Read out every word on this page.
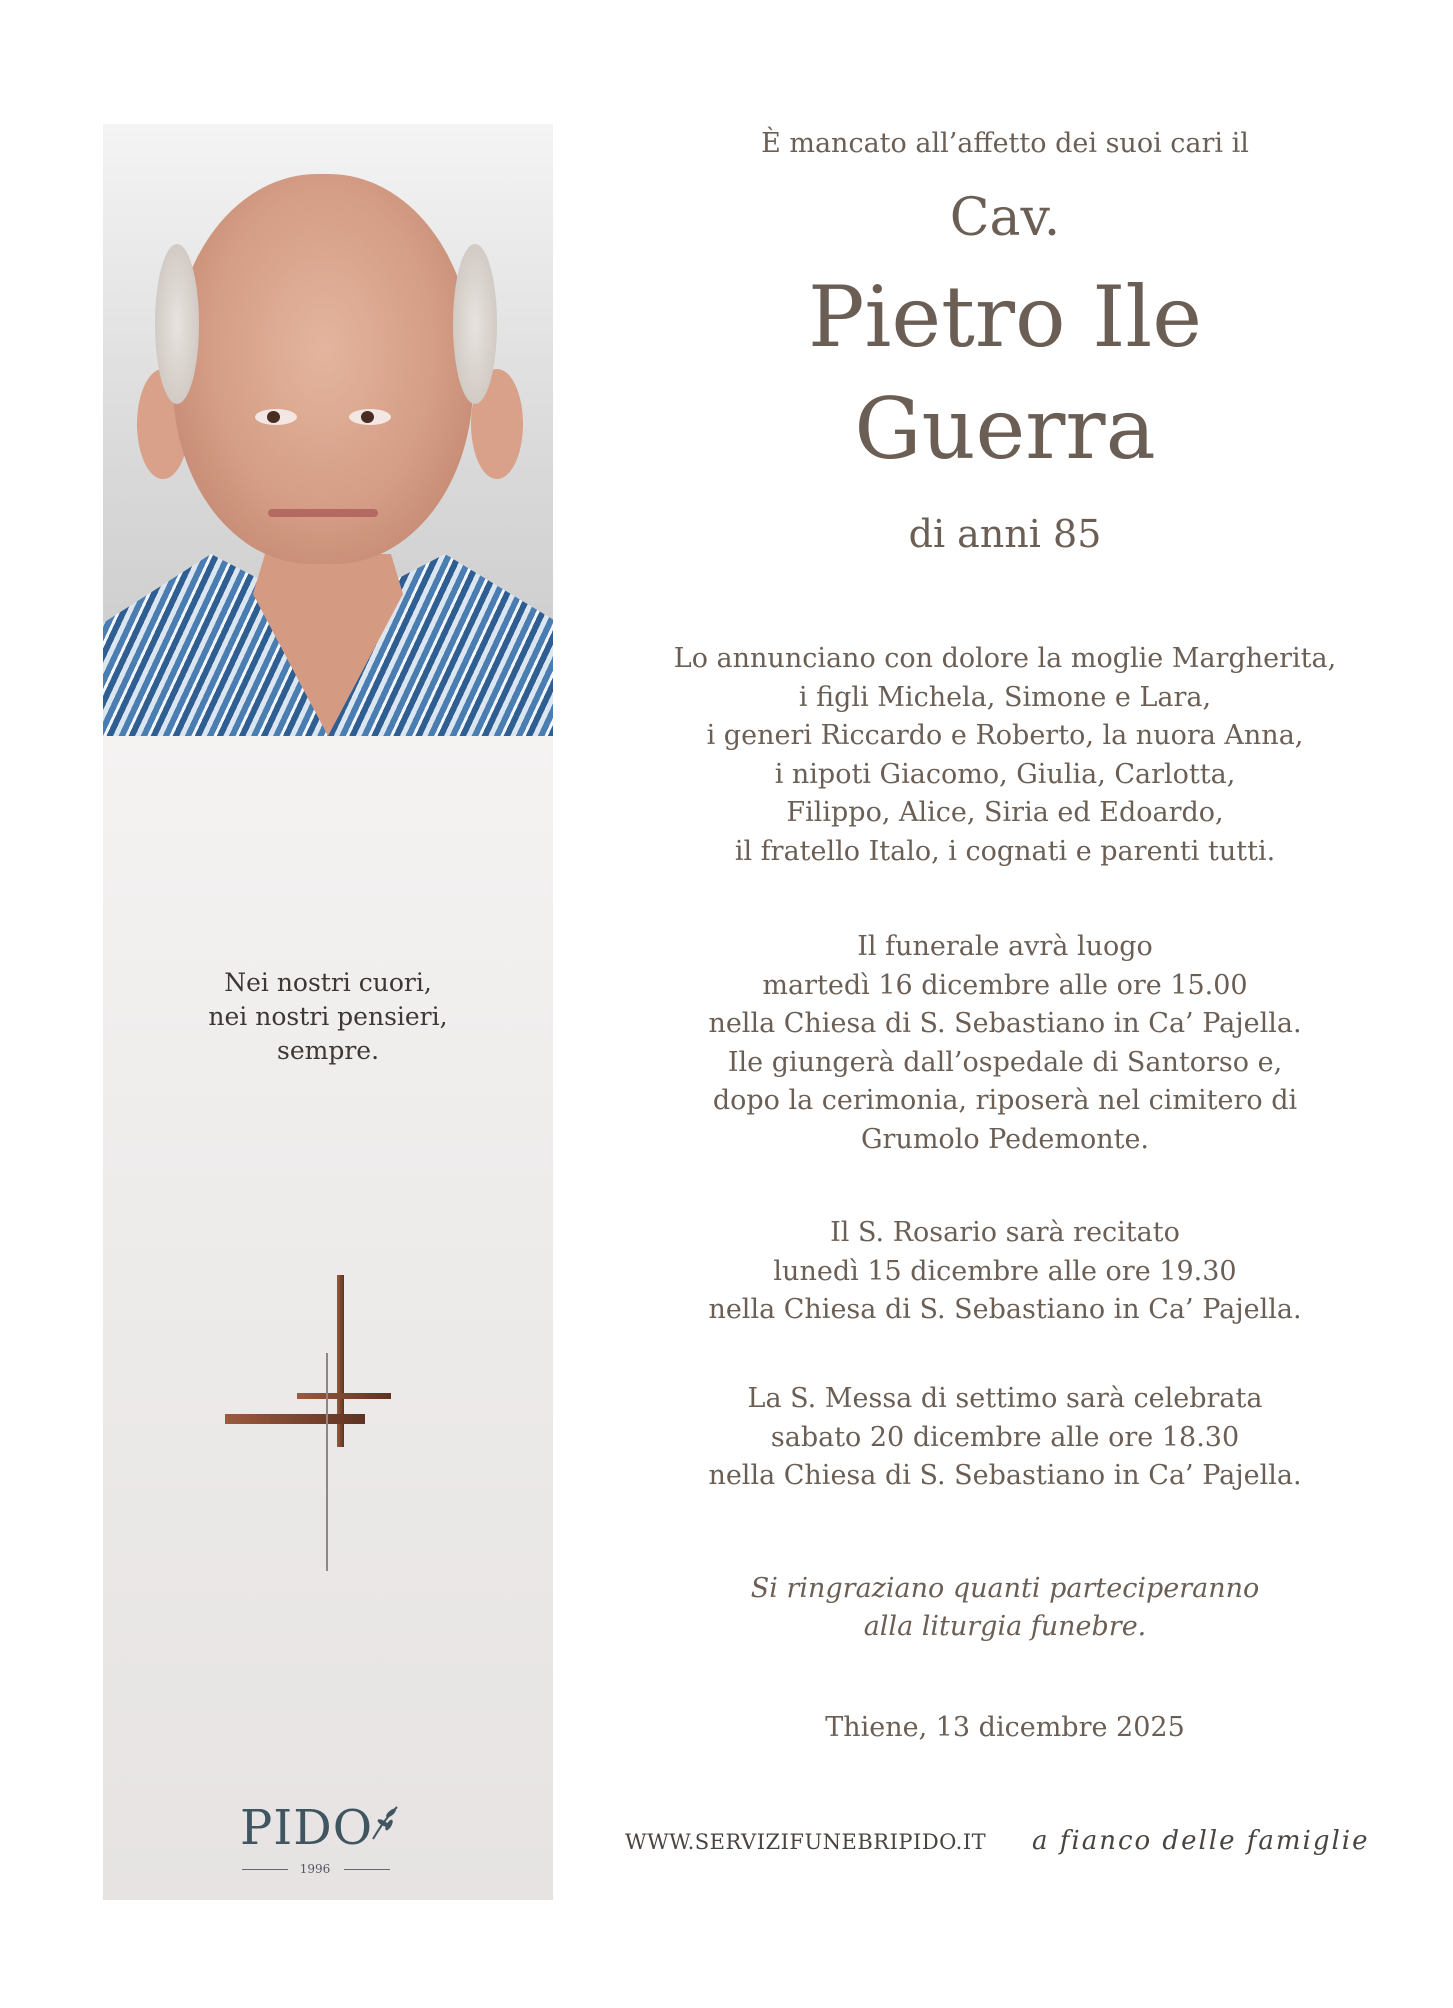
Nei nostri cuori,
nei nostri pensieri,
sempre.
PIDO
1996
È mancato all’affetto dei suoi cari il
Cav.
Pietro Ile
Guerra
di anni 85
Lo annunciano con dolore la moglie Margherita,
i figli Michela, Simone e Lara,
i generi Riccardo e Roberto, la nuora Anna,
i nipoti Giacomo, Giulia, Carlotta,
Filippo, Alice, Siria ed Edoardo,
il fratello Italo, i cognati e parenti tutti.
Il funerale avrà luogo
martedì 16 dicembre alle ore 15.00
nella Chiesa di S. Sebastiano in Ca’ Pajella.
Ile giungerà dall’ospedale di Santorso e,
dopo la cerimonia, riposerà nel cimitero di
Grumolo Pedemonte.
Il S. Rosario sarà recitato
lunedì 15 dicembre alle ore 19.30
nella Chiesa di S. Sebastiano in Ca’ Pajella.
La S. Messa di settimo sarà celebrata
sabato 20 dicembre alle ore 18.30
nella Chiesa di S. Sebastiano in Ca’ Pajella.
Si ringraziano quanti parteciperanno
alla liturgia funebre.
Thiene, 13 dicembre 2025
WWW.SERVIZIFUNEBRIPIDO.IT a fianco delle famiglie
